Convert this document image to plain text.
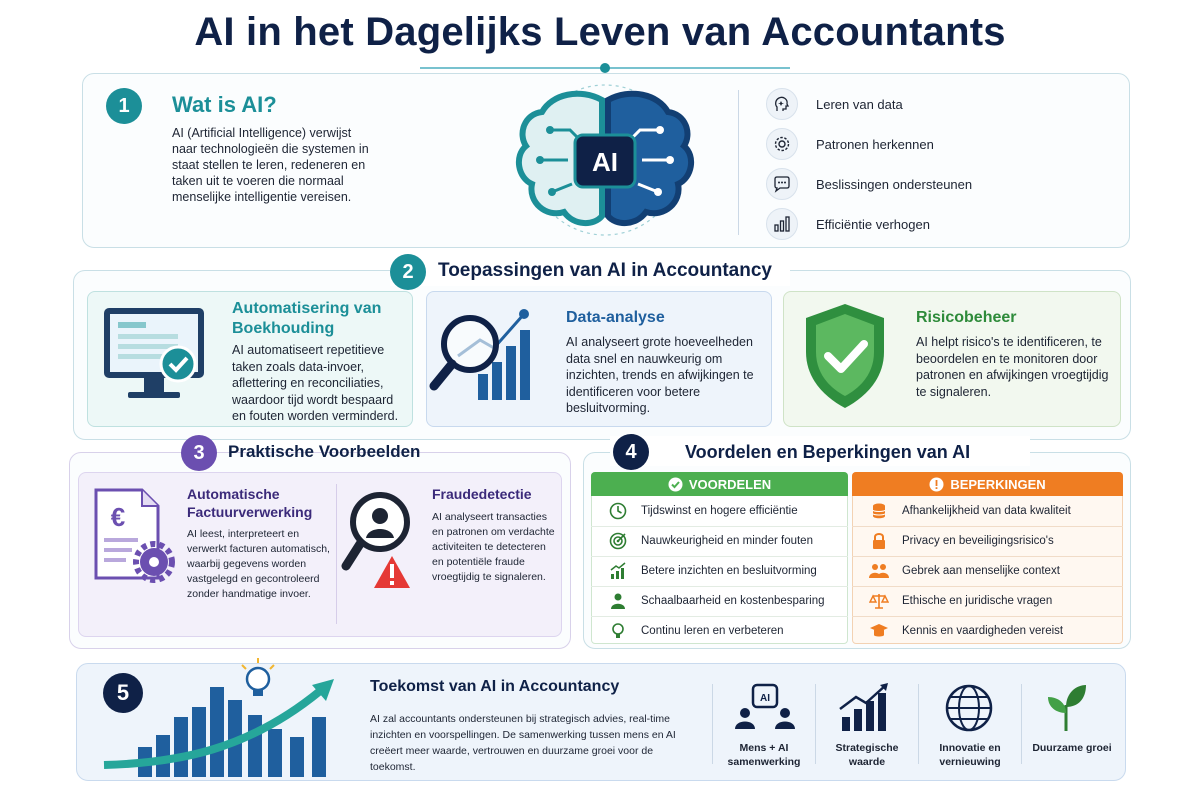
AI in het Dagelijks Leven van Accountants
1	Wat is AI?
AI (Artificial Intelligence) verwijst naar technologieën die systemen in staat stellen te leren, redeneren en taken uit te voeren die normaal menselijke intelligentie vereisen.
AI
Leren van data
Patronen herkennen
Beslissingen ondersteunen
Efficiëntie verhogen
2	Toepassingen van AI in Accountancy
Automatisering van Boekhouding
AI automatiseert repetitieve taken zoals data-invoer, aflettering en reconciliaties, waardoor tijd wordt bespaard en fouten worden verminderd.
Data-analyse
AI analyseert grote hoeveelheden data snel en nauwkeurig om inzichten, trends en afwijkingen te identificeren voor betere besluitvorming.
Risicobeheer
AI helpt risico's te identificeren, te beoordelen en te monitoren door patronen en afwijkingen vroegtijdig te signaleren.
3	Praktische Voorbeelden
€
Automatische Factuurverwerking
AI leest, interpreteert en verwerkt facturen automatisch, waarbij gegevens worden vastgelegd en gecontroleerd zonder handmatige invoer.
Fraudedetectie
AI analyseert transacties en patronen om verdachte activiteiten te detecteren en potentiële fraude vroegtijdig te signaleren.
4	Voordelen en Beperkingen van AI
VOORDELEN
Tijdswinst en hogere efficiëntie
Nauwkeurigheid en minder fouten
Betere inzichten en besluitvorming
Schaalbaarheid en kostenbesparing
Continu leren en verbeteren
BEPERKINGEN
Afhankelijkheid van data kwaliteit
Privacy en beveiligingsrisico's
Gebrek aan menselijke context
Ethische en juridische vragen
Kennis en vaardigheden vereist
5	Toekomst van AI in Accountancy
AI zal accountants ondersteunen bij strategisch advies, real-time inzichten en voorspellingen. De samenwerking tussen mens en AI creëert meer waarde, vertrouwen en duurzame groei voor de toekomst.
AI
Mens + AI samenwerking
Strategische waarde
Innovatie en vernieuwing
Duurzame groei
